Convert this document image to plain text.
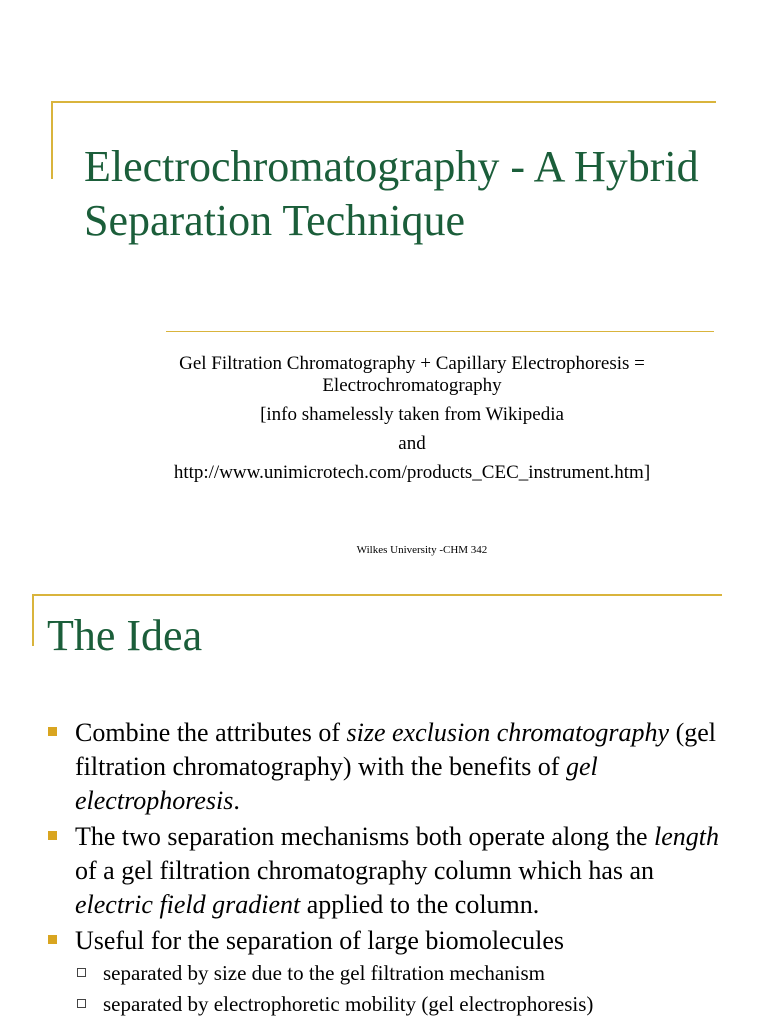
Electrochromatography - A Hybrid Separation Technique
Gel Filtration Chromatography + Capillary Electrophoresis = Electrochromatography
[info shamelessly taken from Wikipedia
and
http://www.unimicrotech.com/products_CEC_instrument.htm]
Wilkes University -CHM 342
The Idea
Combine the attributes of size exclusion chromatography (gel filtration chromatography) with the benefits of gel electrophoresis.
The two separation mechanisms both operate along the length of a gel filtration chromatography column which has an electric field gradient applied to the column.
Useful for the separation of large biomolecules
separated by size due to the gel filtration mechanism
separated by electrophoretic mobility (gel electrophoresis)
